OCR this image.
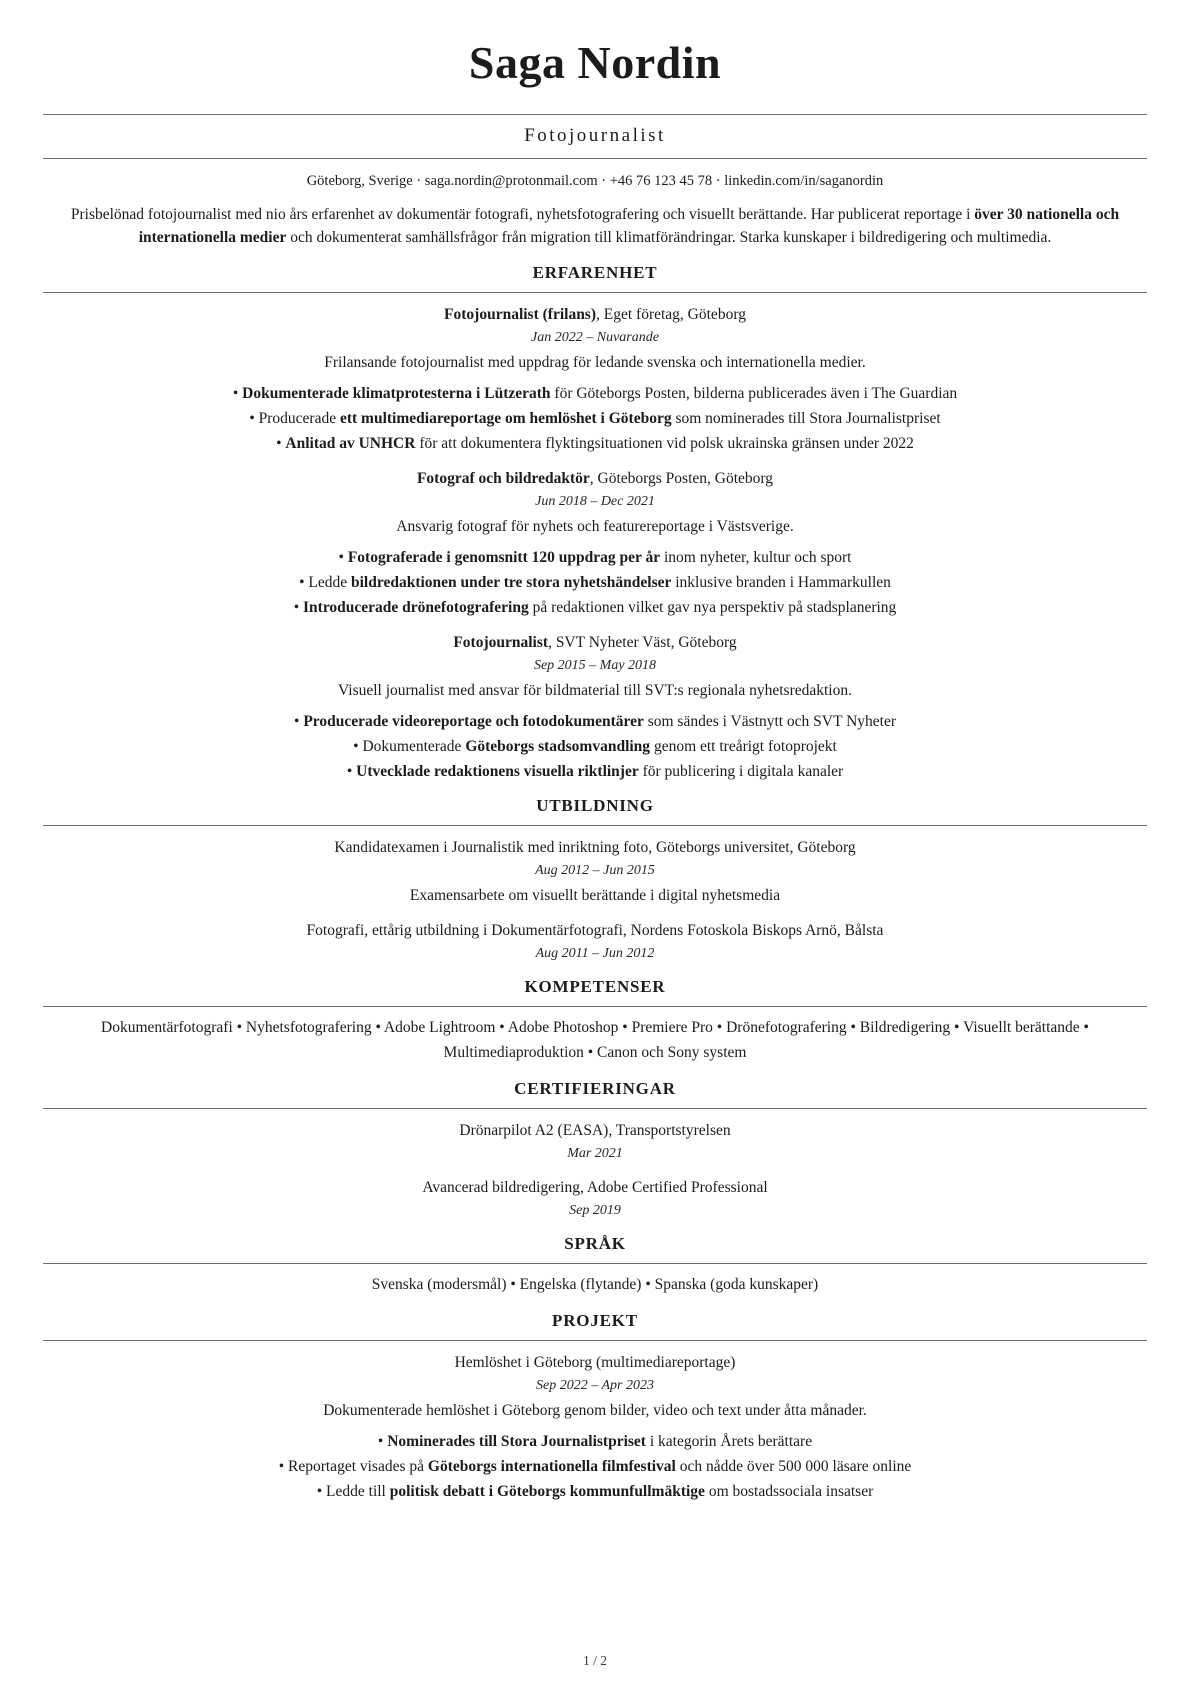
Saga Nordin
Fotojournalist
Göteborg, Sverige · saga.nordin@protonmail.com · +46 76 123 45 78 · linkedin.com/in/saganordin

Prisbelönad fotojournalist med nio års erfarenhet av dokumentär fotografi, nyhetsfotografering och visuellt berättande. Har publicerat reportage i över 30 nationella och internationella medier och dokumenterat samhällsfrågor från migration till klimatförändringar. Starka kunskaper i bildredigering och multimedia.

ERFARENHET
Fotojournalist (frilans), Eget företag, Göteborg
Jan 2022 – Nuvarande
Frilansande fotojournalist med uppdrag för ledande svenska och internationella medier.
• Dokumenterade klimatprotesterna i Lützerath för Göteborgs Posten, bilderna publicerades även i The Guardian
• Producerade ett multimediareportage om hemlöshet i Göteborg som nominerades till Stora Journalistpriset
• Anlitad av UNHCR för att dokumentera flyktingsituationen vid polsk ukrainska gränsen under 2022
Fotograf och bildredaktör, Göteborgs Posten, Göteborg
Jun 2018 – Dec 2021
Ansvarig fotograf för nyhets och featurereportage i Västsverige.
• Fotograferade i genomsnitt 120 uppdrag per år inom nyheter, kultur och sport
• Ledde bildredaktionen under tre stora nyhetshändelser inklusive branden i Hammarkullen
• Introducerade drönefotografering på redaktionen vilket gav nya perspektiv på stadsplanering
Fotojournalist, SVT Nyheter Väst, Göteborg
Sep 2015 – May 2018
Visuell journalist med ansvar för bildmaterial till SVT:s regionala nyhetsredaktion.
• Producerade videoreportage och fotodokumentärer som sändes i Västnytt och SVT Nyheter
• Dokumenterade Göteborgs stadsomvandling genom ett treårigt fotoprojekt
• Utvecklade redaktionens visuella riktlinjer för publicering i digitala kanaler
UTBILDNING
Kandidatexamen i Journalistik med inriktning foto, Göteborgs universitet, Göteborg
Aug 2012 – Jun 2015
Examensarbete om visuellt berättande i digital nyhetsmedia
Fotografi, ettårig utbildning i Dokumentärfotografi, Nordens Fotoskola Biskops Arnö, Bålsta
Aug 2011 – Jun 2012
KOMPETENSER
Dokumentärfotografi • Nyhetsfotografering • Adobe Lightroom • Adobe Photoshop • Premiere Pro • Drönefotografering • Bildredigering • Visuellt berättande • Multimediaproduktion • Canon och Sony system
CERTIFIERINGAR
Drönarpilot A2 (EASA), Transportstyrelsen
Mar 2021
Avancerad bildredigering, Adobe Certified Professional
Sep 2019
SPRÅK
Svenska (modersmål) • Engelska (flytande) • Spanska (goda kunskaper)
PROJEKT
Hemlöshet i Göteborg (multimediareportage)
Sep 2022 – Apr 2023
Dokumenterade hemlöshet i Göteborg genom bilder, video och text under åtta månader.
• Nominerades till Stora Journalistpriset i kategorin Årets berättare
• Reportaget visades på Göteborgs internationella filmfestival och nådde över 500 000 läsare online
• Ledde till politisk debatt i Göteborgs kommunfullmäktige om bostadssociala insatser
1 / 2
